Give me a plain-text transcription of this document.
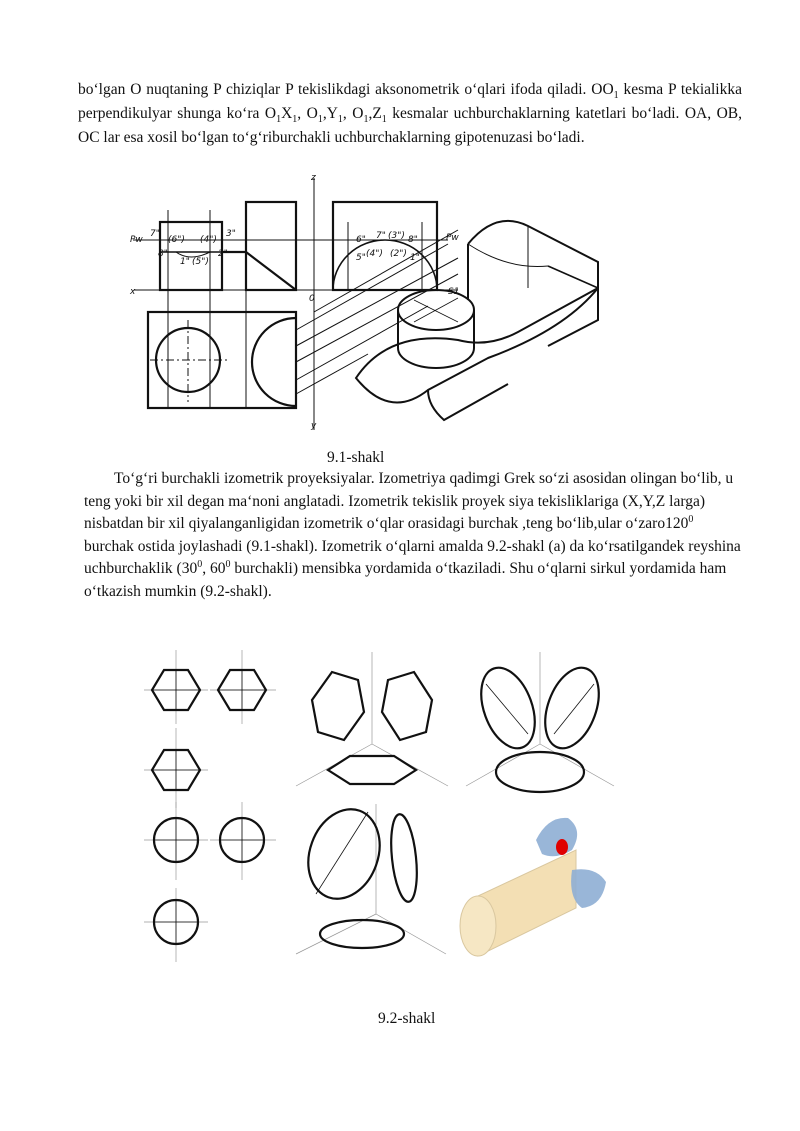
bo‘lgan O nuqtaning P chiziqlar P tekislikdagi aksonometrik o‘qlari ifoda qiladi. $OO_1$ kesma P tekialikka perpendikulyar shunga ko‘ra $O_1X_1$, $O_1,Y_1$, $O_1,Z_1$ kesmalar uchburchaklarning katetlari bo‘ladi. OA, OB, OC lar esa xosil bo‘lgan to‘g‘riburchakli uchburchaklarning gipotenuzasi bo‘ladi.
z
y
x
0
S1
Pw	Pw
7"
(6") (4")
3"
8"
1" (5")
2"
6" 7" (3") 8"
5" (4") (2") 1"
9.1-shakl
To‘g‘ri burchakli izometrik proyeksiyalar. Izometriya qadimgi Grek so‘zi asosidan olingan bo‘lib, u teng yoki bir xil degan ma‘noni anglatadi. Izometrik tekislik proyek siya tekisliklariga (X,Y,Z larga) nisbatdan bir xil qiyalanganligidan izometrik o‘qlar orasidagi burchak ,teng bo‘lib,ular $o‘zaro120^0$ burchak ostida joylashadi (9.1-shakl). Izometrik o‘qlarni amalda 9.2-shakl (a) da ko‘rsatilgandek reyshina uchburchaklik ($30^0$, $60^0$ burchakli) mensibka yordamida o‘tkaziladi. Shu o‘qlarni sirkul yordamida ham o‘tkazish mumkin (9.2-shakl).
9.2-shakl
